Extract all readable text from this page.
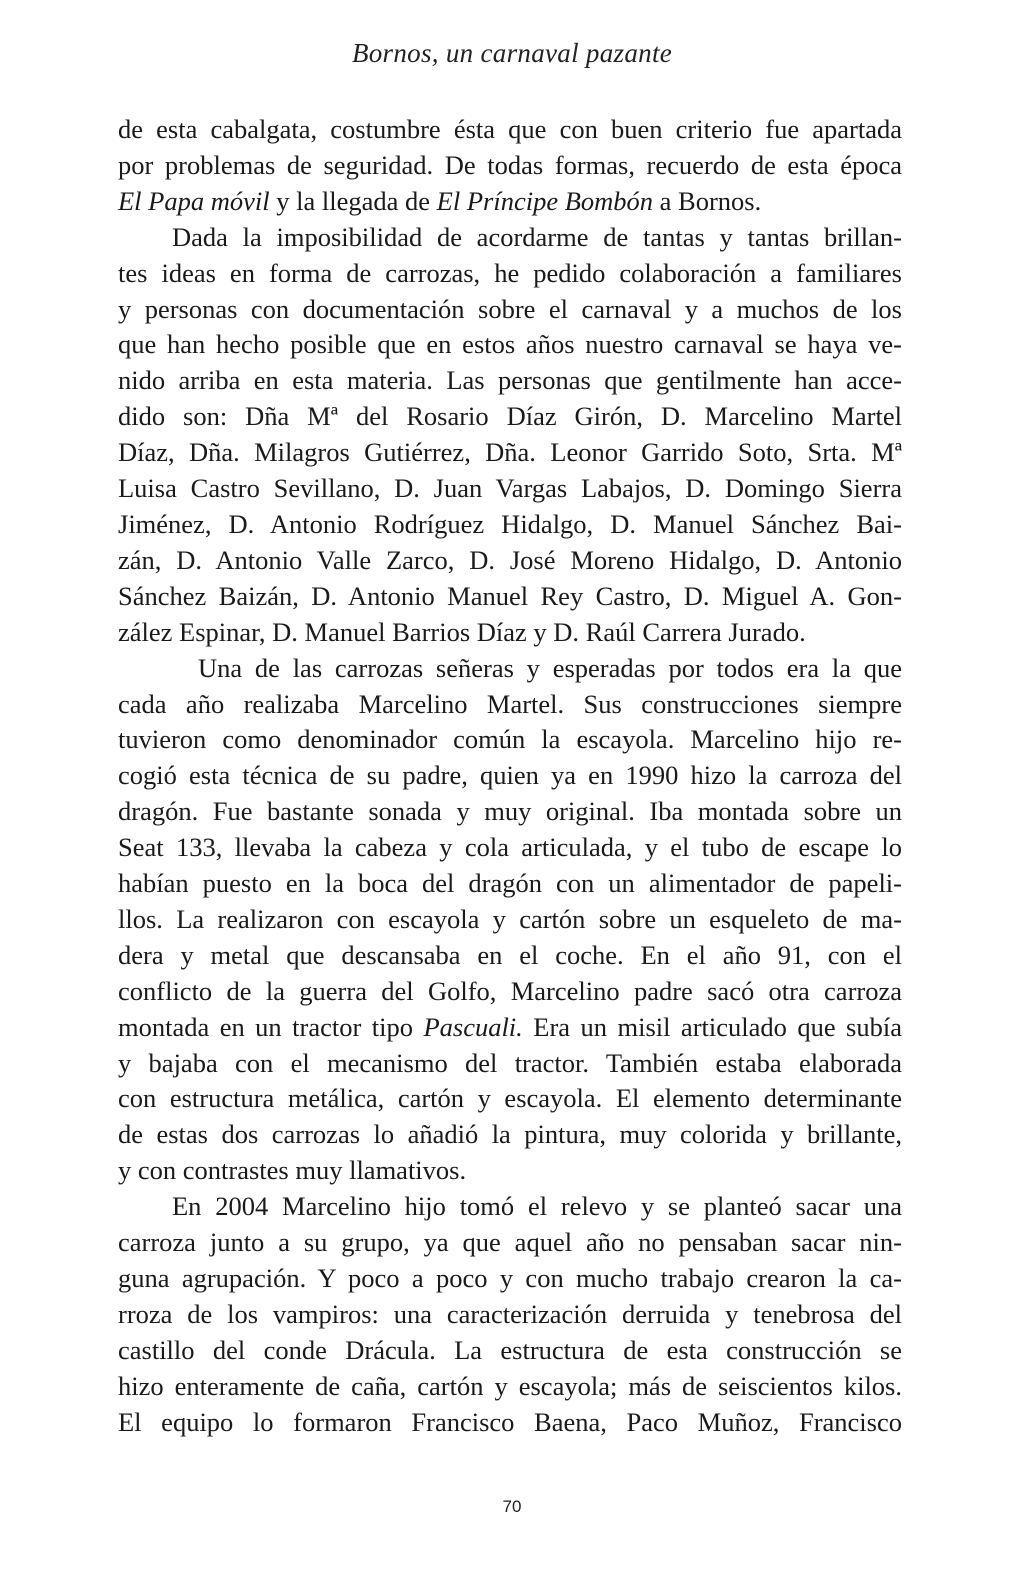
Bornos, un carnaval pazante

de esta cabalgata, costumbre ésta que con buen criterio fue apartada
por problemas de seguridad. De todas formas, recuerdo de esta época
El Papa móvil y la llegada de El Príncipe Bombón a Bornos.

Dada la imposibilidad de acordarme de tantas y tantas brillan-
tes ideas en forma de carrozas, he pedido colaboración a familiares
y personas con documentación sobre el carnaval y a muchos de los
que han hecho posible que en estos años nuestro carnaval se haya ve-
nido arriba en esta materia. Las personas que gentilmente han acce-
dido son: Dña Mª del Rosario Díaz Girón, D. Marcelino Martel
Díaz, Dña. Milagros Gutiérrez, Dña. Leonor Garrido Soto, Srta. Mª
Luisa Castro Sevillano, D. Juan Vargas Labajos, D. Domingo Sierra
Jiménez, D. Antonio Rodríguez Hidalgo, D. Manuel Sánchez Bai-
zán, D. Antonio Valle Zarco, D. José Moreno Hidalgo, D. Antonio
Sánchez Baizán, D. Antonio Manuel Rey Castro, D. Miguel A. Gon-
zález Espinar, D. Manuel Barrios Díaz y D. Raúl Carrera Jurado.

Una de las carrozas señeras y esperadas por todos era la que
cada año realizaba Marcelino Martel. Sus construcciones siempre
tuvieron como denominador común la escayola. Marcelino hijo re-
cogió esta técnica de su padre, quien ya en 1990 hizo la carroza del
dragón. Fue bastante sonada y muy original. Iba montada sobre un
Seat 133, llevaba la cabeza y cola articulada, y el tubo de escape lo
habían puesto en la boca del dragón con un alimentador de papeli-
llos. La realizaron con escayola y cartón sobre un esqueleto de ma-
dera y metal que descansaba en el coche. En el año 91, con el
conflicto de la guerra del Golfo, Marcelino padre sacó otra carroza
montada en un tractor tipo Pascuali. Era un misil articulado que subía
y bajaba con el mecanismo del tractor. También estaba elaborada
con estructura metálica, cartón y escayola. El elemento determinante
de estas dos carrozas lo añadió la pintura, muy colorida y brillante,
y con contrastes muy llamativos.

En 2004 Marcelino hijo tomó el relevo y se planteó sacar una
carroza junto a su grupo, ya que aquel año no pensaban sacar nin-
guna agrupación. Y poco a poco y con mucho trabajo crearon la ca-
rroza de los vampiros: una caracterización derruida y tenebrosa del
castillo del conde Drácula. La estructura de esta construcción se
hizo enteramente de caña, cartón y escayola; más de seiscientos kilos.
El equipo lo formaron Francisco Baena, Paco Muñoz, Francisco

70
